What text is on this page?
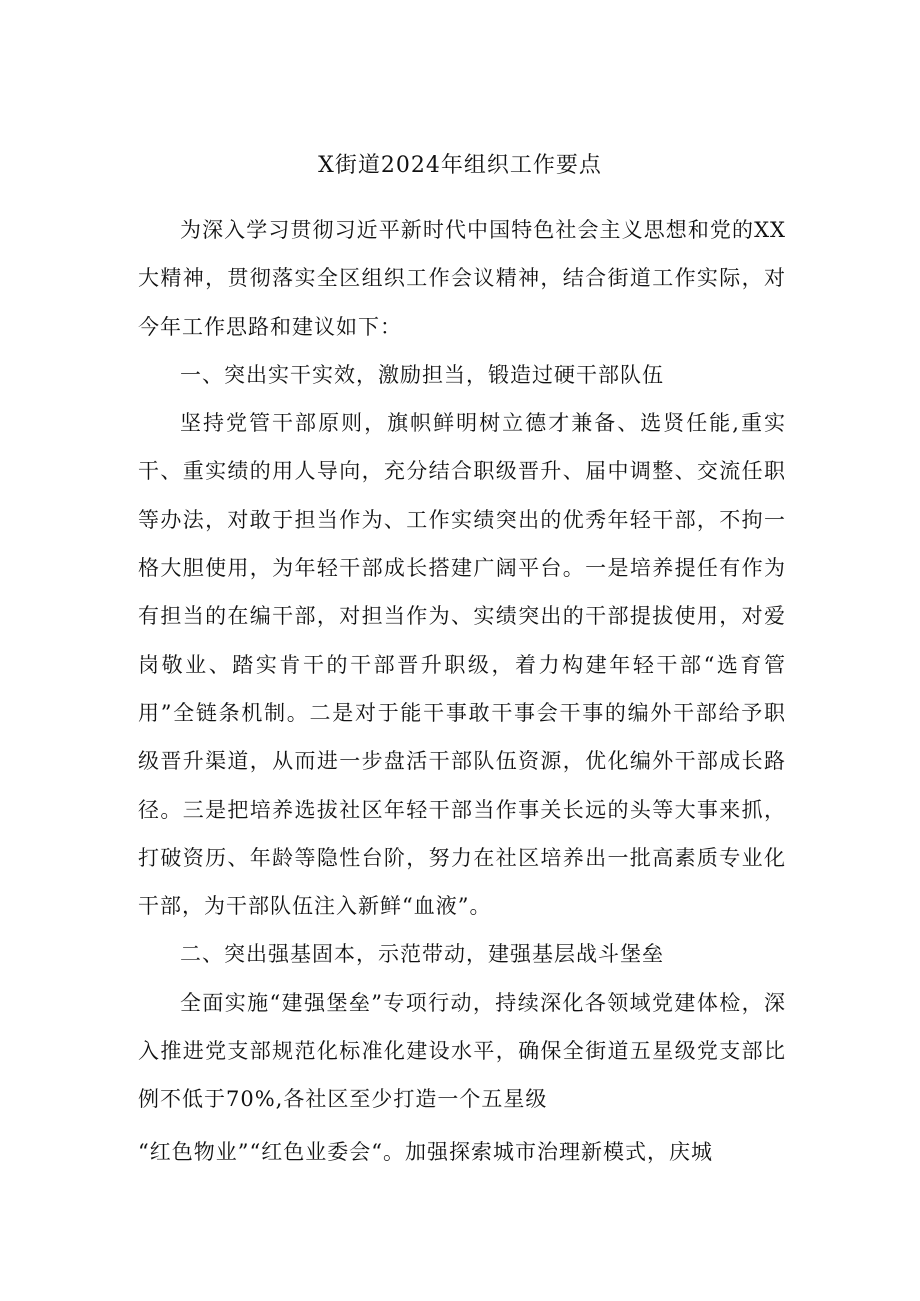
X街道2024年组织工作要点

为深入学习贯彻习近平新时代中国特色社会主义思想和党的XX大精神，贯彻落实全区组织工作会议精神，结合街道工作实际，对今年工作思路和建议如下：

一、突出实干实效，激励担当，锻造过硬干部队伍

坚持党管干部原则，旗帜鲜明树立德才兼备、选贤任能,重实干、重实绩的用人导向，充分结合职级晋升、届中调整、交流任职等办法，对敢于担当作为、工作实绩突出的优秀年轻干部，不拘一格大胆使用，为年轻干部成长搭建广阔平台。一是培养提任有作为有担当的在编干部，对担当作为、实绩突出的干部提拔使用，对爱岗敬业、踏实肯干的干部晋升职级，着力构建年轻干部“选育管用”全链条机制。二是对于能干事敢干事会干事的编外干部给予职级晋升渠道，从而进一步盘活干部队伍资源，优化编外干部成长路径。三是把培养选拔社区年轻干部当作事关长远的头等大事来抓，打破资历、年龄等隐性台阶，努力在社区培养出一批高素质专业化干部，为干部队伍注入新鲜“血液”。

二、突出强基固本，示范带动，建强基层战斗堡垒

全面实施“建强堡垒”专项行动，持续深化各领域党建体检，深入推进党支部规范化标准化建设水平，确保全街道五星级党支部比例不低于70%,各社区至少打造一个五星级

“红色物业”“红色业委会“。加强探索城市治理新模式，庆城
